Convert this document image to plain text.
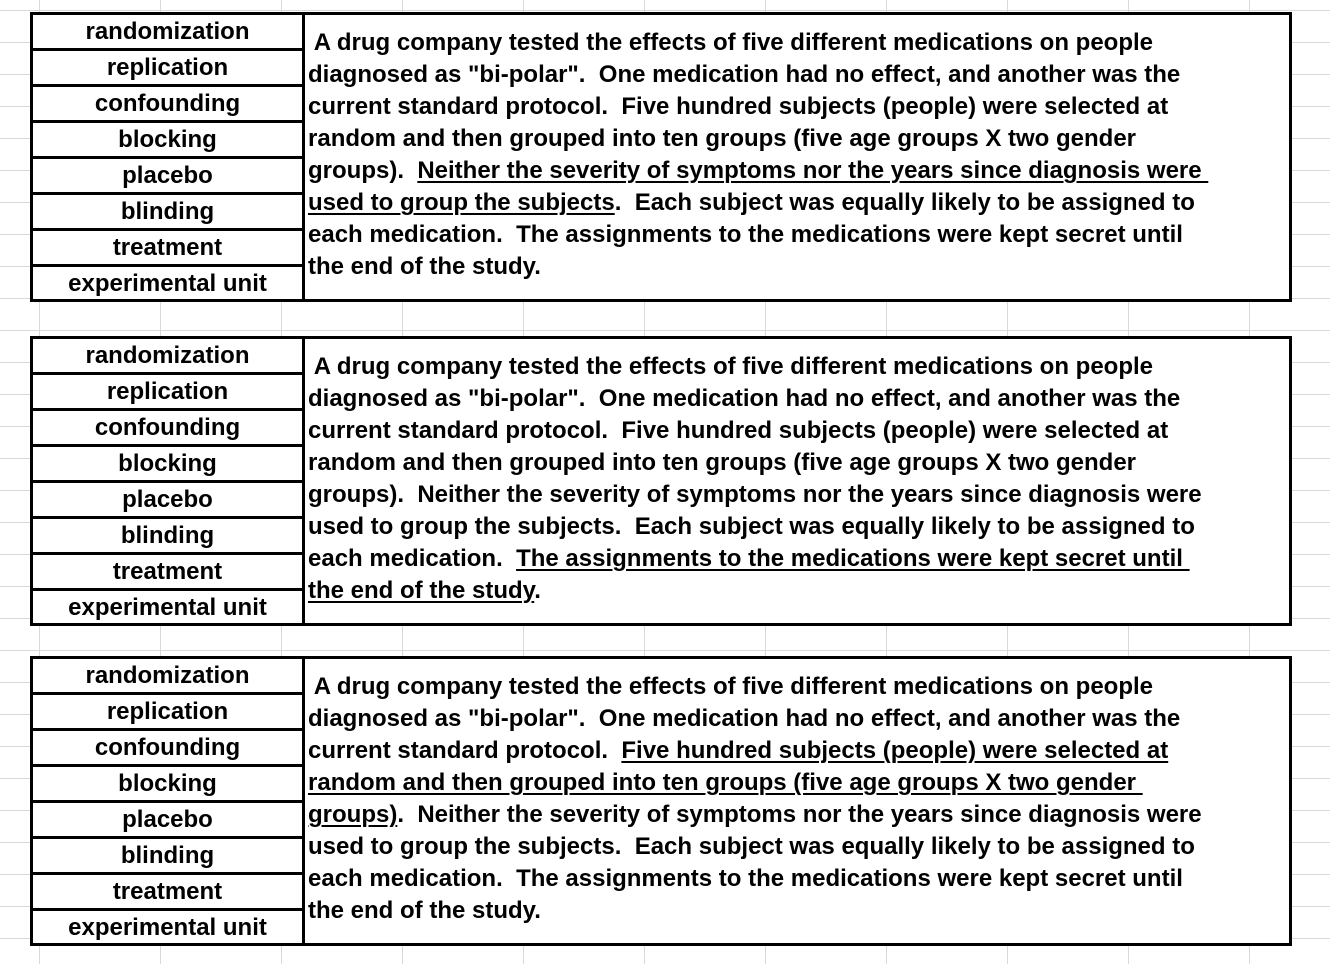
randomization
replication
confounding
blocking
placebo
blinding
treatment
experimental unit
A drug company tested the effects of five different medications on people
diagnosed as "bi-polar".  One medication had no effect, and another was the
current standard protocol.  Five hundred subjects (people) were selected at
random and then grouped into ten groups (five age groups X two gender
groups).  Neither the severity of symptoms nor the years since diagnosis were
used to group the subjects.  Each subject was equally likely to be assigned to
each medication.  The assignments to the medications were kept secret until
the end of the study.
randomization
replication
confounding
blocking
placebo
blinding
treatment
experimental unit
A drug company tested the effects of five different medications on people
diagnosed as "bi-polar".  One medication had no effect, and another was the
current standard protocol.  Five hundred subjects (people) were selected at
random and then grouped into ten groups (five age groups X two gender
groups).  Neither the severity of symptoms nor the years since diagnosis were
used to group the subjects.  Each subject was equally likely to be assigned to
each medication.  The assignments to the medications were kept secret until
the end of the study.
randomization
replication
confounding
blocking
placebo
blinding
treatment
experimental unit
A drug company tested the effects of five different medications on people
diagnosed as "bi-polar".  One medication had no effect, and another was the
current standard protocol.  Five hundred subjects (people) were selected at
random and then grouped into ten groups (five age groups X two gender
groups).  Neither the severity of symptoms nor the years since diagnosis were
used to group the subjects.  Each subject was equally likely to be assigned to
each medication.  The assignments to the medications were kept secret until
the end of the study.
